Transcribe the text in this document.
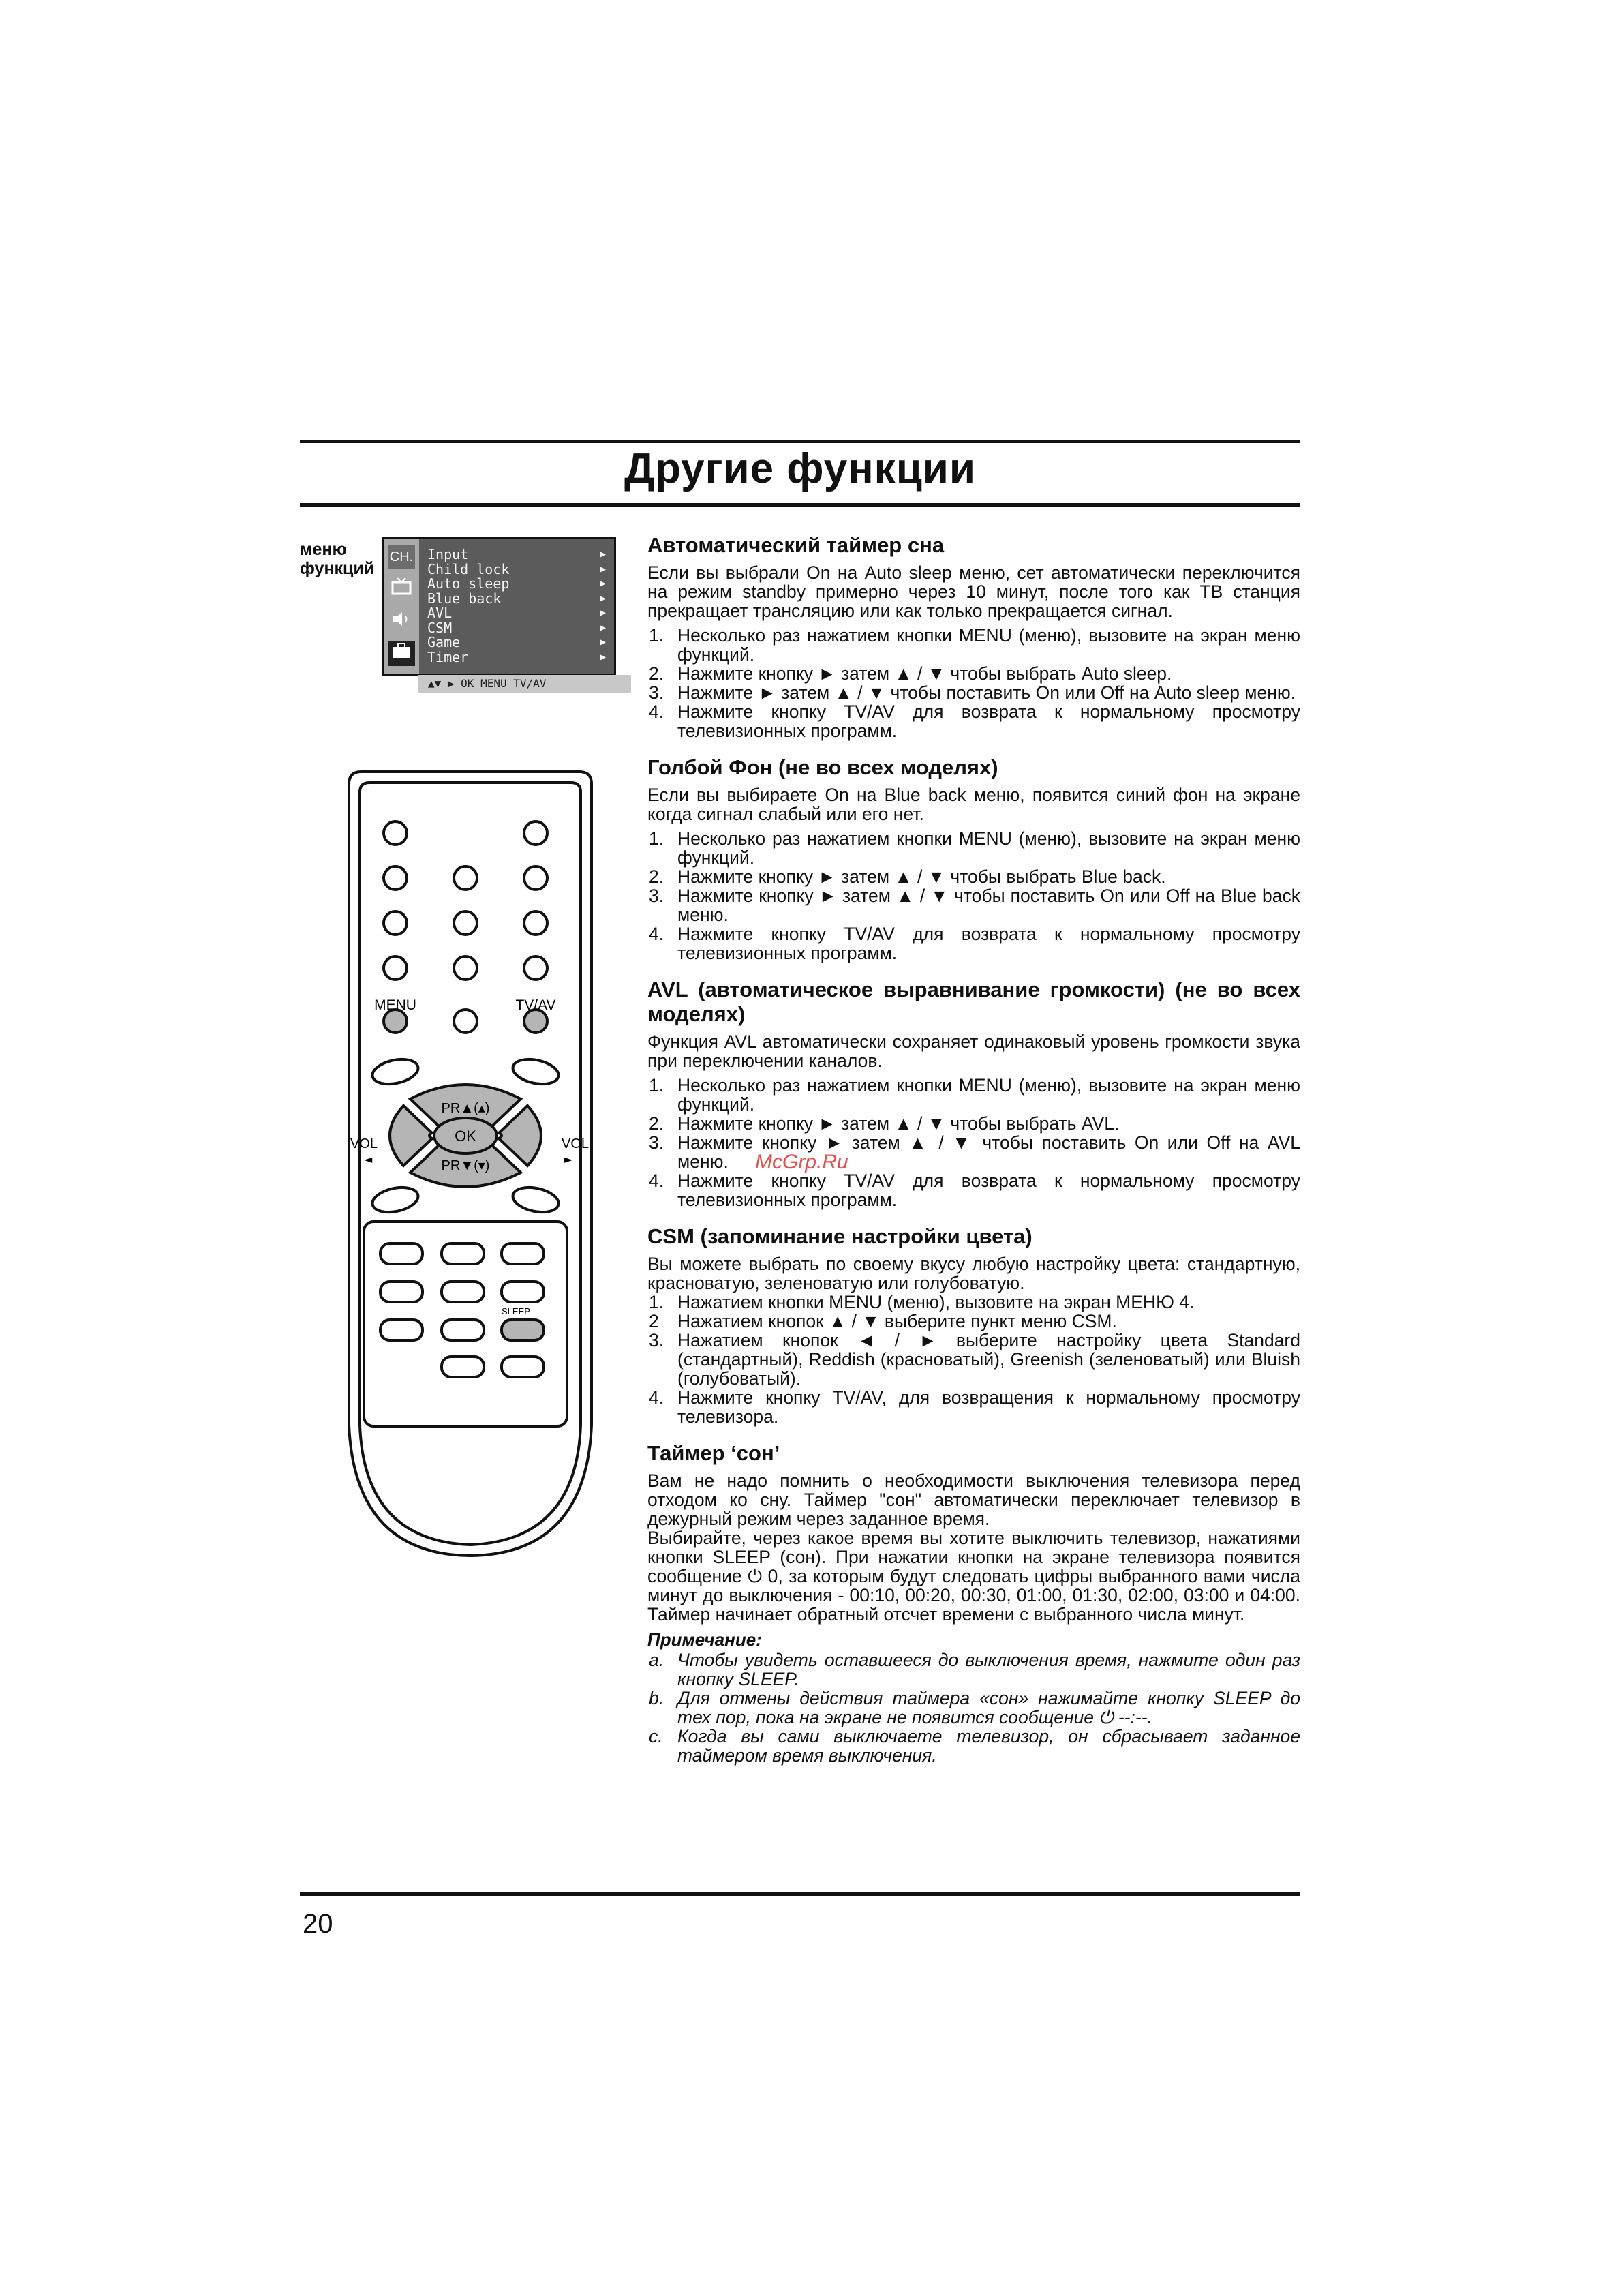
Другие функции
меню
функций
CH. Input	▶
Child lock	▶
Auto sleep	▶
Blue back	▶
AVL	▶
CSM	▶
Game	▶
Timer	▶
▲▼ ▶ OK MENU TV/AV
MENU	TV/AV
PR▲(▴)
PR▼(▾)
OK
VOL
◄
VOL
►
SLEEP
McGrp.Ru
Автоматический таймер сна

Если вы выбрали On на Auto sleep меню, сет автоматически переключится на режим standby примерно через 10 минут, после того как ТВ станция прекращает трансляцию или как только прекращается сигнал.

1. Несколько раз нажатием кнопки MENU (меню), вызовите на экран меню функций.
2. Нажмите кнопку ► затем ▲ / ▼ чтобы выбрать Auto sleep.
3. Нажмите ► затем ▲ / ▼ чтобы поставить On или Off на Auto sleep меню.
4. Нажмите кнопку TV/AV для возврата к нормальному просмотру телевизионных программ.
Голбой Фон (не во всех моделях)

Если вы выбираете On на Blue back меню, появится синий фон на экране когда сигнал слабый или его нет.

1. Несколько раз нажатием кнопки MENU (меню), вызовите на экран меню функций.
2. Нажмите кнопку ► затем ▲ / ▼ чтобы выбрать Blue back.
3. Нажмите кнопку ► затем ▲ / ▼ чтобы поставить On или Off на Blue back меню.
4. Нажмите кнопку TV/AV для возврата к нормальному просмотру телевизионных программ.
AVL (автоматическое выравнивание громкости) (не во всех моделях)

Функция AVL автоматически сохраняет одинаковый уровень громкости звука при переключении каналов.

1. Несколько раз нажатием кнопки MENU (меню), вызовите на экран меню функций.
2. Нажмите кнопку ► затем ▲ / ▼ чтобы выбрать AVL.
3. Нажмите кнопку ► затем ▲ / ▼ чтобы поставить On или Off на AVL меню.
4. Нажмите кнопку TV/AV для возврата к нормальному просмотру телевизионных программ.
CSM (запоминание настройки цвета)

Вы можете выбрать по своему вкусу любую настройку цвета: стандартную, красноватую, зеленоватую или голубоватую.

1. Нажатием кнопки MENU (меню), вызовите на экран МЕНЮ 4.
2 Нажатием кнопок ▲ / ▼ выберите пункт меню CSM.
3. Нажатием кнопок ◄ / ► выберите настройку цвета Standard (стандартный), Reddish (красноватый), Greenish (зеленоватый) или Bluish (голубоватый).
4. Нажмите кнопку TV/AV, для возвращения к нормальному просмотру телевизора.
Таймер ‘сон’

Вам не надо помнить о необходимости выключения телевизора перед отходом ко сну. Таймер "сон" автоматически переключает телевизор в дежурный режим через заданное время.

Выбирайте, через какое время вы хотите выключить телевизор, нажатиями кнопки SLEEP (сон). При нажатии кнопки на экране телевизора появится сообщение ⏻ 0, за которым будут следовать цифры выбранного вами числа минут до выключения - 00:10, 00:20, 00:30, 01:00, 01:30, 02:00, 03:00 и 04:00. Таймер начинает обратный отсчет времени с выбранного числа минут.

Примечание:
a. Чтобы увидеть оставшееся до выключения время, нажмите один раз кнопку SLEEP.
b. Для отмены действия таймера «сон» нажимайте кнопку SLEEP до тех пор, пока на экране не появится сообщение ⏻ --:--.
c. Когда вы сами выключаете телевизор, он сбрасывает заданное таймером время выключения.
20
